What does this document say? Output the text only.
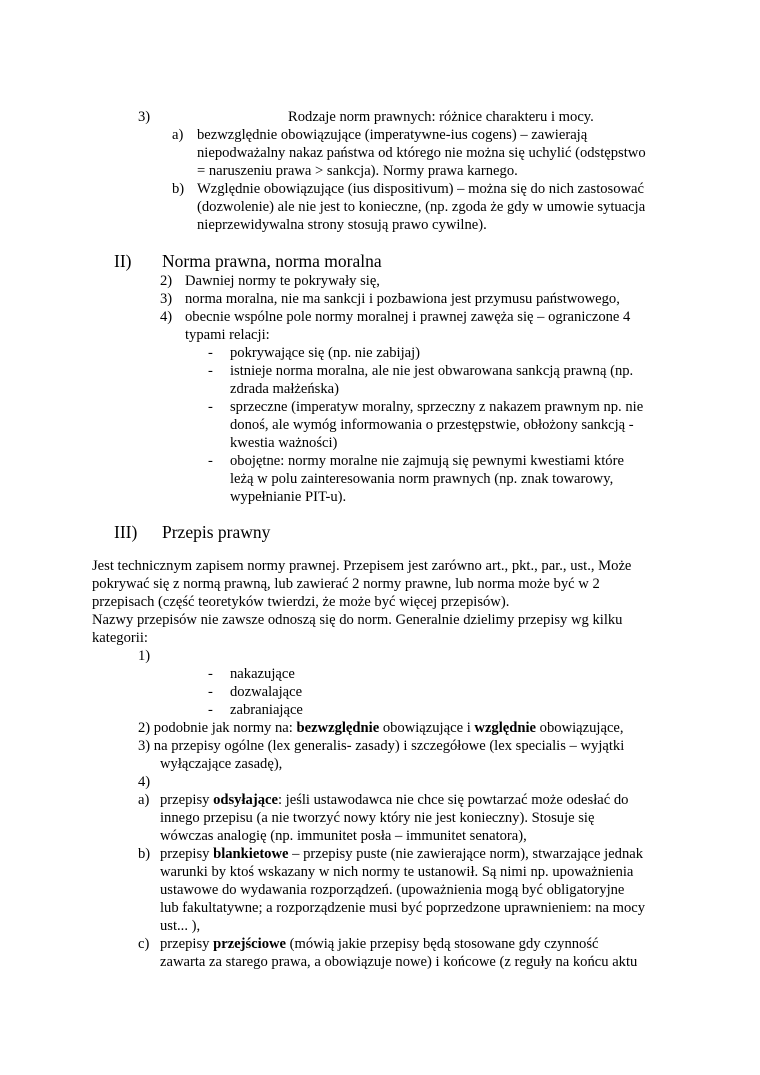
3)	Rodzaje norm prawnych: różnice charakteru i mocy.
a) bezwzględnie obowiązujące (imperatywne-ius cogens) – zawierają
niepodważalny nakaz państwa od którego nie można się uchylić (odstępstwo
= naruszeniu prawa > sankcja). Normy prawa karnego.
b) Względnie obowiązujące (ius dispositivum) – można się do nich zastosować
(dozwolenie) ale nie jest to konieczne, (np. zgoda że gdy w umowie sytuacja
nieprzewidywalna strony stosują prawo cywilne).
II) Norma prawna, norma moralna
2) Dawniej normy te pokrywały się,
3) norma moralna, nie ma sankcji i pozbawiona jest przymusu państwowego,
4) obecnie wspólne pole normy moralnej i prawnej zawęża się – ograniczone 4
typami relacji:
- pokrywające się (np. nie zabijaj)
- istnieje norma moralna, ale nie jest obwarowana sankcją prawną (np.
zdrada małżeńska)
- sprzeczne (imperatyw moralny, sprzeczny z nakazem prawnym np. nie
donoś, ale wymóg informowania o przestępstwie, obłożony sankcją -
kwestia ważności)
- obojętne: normy moralne nie zajmują się pewnymi kwestiami które
leżą w polu zainteresowania norm prawnych (np. znak towarowy,
wypełnianie PIT-u).
III) Przepis prawny
Jest technicznym zapisem normy prawnej. Przepisem jest zarówno art., pkt., par., ust., Może
pokrywać się z normą prawną, lub zawierać 2 normy prawne, lub norma może być w 2
przepisach (część teoretyków twierdzi, że może być więcej przepisów).
Nazwy przepisów nie zawsze odnoszą się do norm. Generalnie dzielimy przepisy wg kilku
kategorii:
1)
- nakazujące
- dozwalające
- zabraniające
2) podobnie jak normy na: bezwzględnie obowiązujące i względnie obowiązujące,
3) na przepisy ogólne (lex generalis- zasady) i szczegółowe (lex specialis – wyjątki
wyłączające zasadę),
4)
a) przepisy odsyłające: jeśli ustawodawca nie chce się powtarzać może odesłać do
innego przepisu (a nie tworzyć nowy który nie jest konieczny). Stosuje się
wówczas analogię (np. immunitet posła – immunitet senatora),
b) przepisy blankietowe – przepisy puste (nie zawierające norm), stwarzające jednak
warunki by ktoś wskazany w nich normy te ustanowił. Są nimi np. upoważnienia
ustawowe do wydawania rozporządzeń. (upoważnienia mogą być obligatoryjne
lub fakultatywne; a rozporządzenie musi być poprzedzone uprawnieniem: na mocy
ust... ),
c) przepisy przejściowe (mówią jakie przepisy będą stosowane gdy czynność
zawarta za starego prawa, a obowiązuje nowe) i końcowe (z reguły na końcu aktu
